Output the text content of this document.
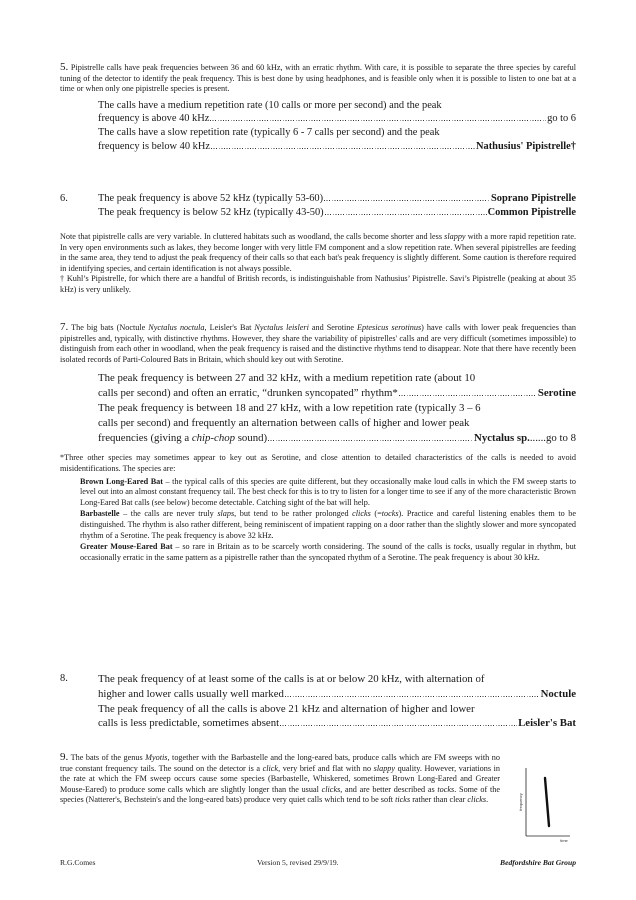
5. Pipistrelle calls have peak frequencies between 36 and 60 kHz, with an erratic rhythm. With care, it is possible to separate the three species by careful tuning of the detector to identify the peak frequency. This is best done by using headphones, and is feasible only when it is possible to listen to one bat at a time or when only one pipistrelle species is present.

The calls have a medium repetition rate (10 calls or more per second) and the peak

frequency is above 40 kHz	go to 6

The calls have a slow repetition rate (typically 6 - 7 calls per second) and the peak

frequency is below 40 kHz	Nathusius' Pipistrelle†
6.	The peak frequency is above 52 kHz (typically 53-60)	Soprano Pipistrelle
The peak frequency is below 52 kHz (typically 43-50)	Common Pipistrelle

Note that pipistrelle calls are very variable. In cluttered habitats such as woodland, the calls become shorter and less slappy with a more rapid repetition rate. In very open environments such as lakes, they become longer with very little FM component and a slow repetition rate. When several pipistrelles are feeding in the same area, they tend to adjust the peak frequency of their calls so that each bat's peak frequency is slightly different. Some caution is therefore required in identifying species, and certain identification is not always possible.

† Kuhl’s Pipistrelle, for which there are a handful of British records, is indistinguishable from Nathusius’ Pipistrelle. Savi’s Pipistrelle (peaking at about 35 kHz) is very unlikely.

7. The big bats (Noctule Nyctalus noctula, Leisler's Bat Nyctalus leisleri and Serotine Eptesicus serotinus) have calls with lower peak frequencies than pipistrelles and, typically, with distinctive rhythms. However, they share the variability of pipistrelles' calls and are very difficult (sometimes impossible) to distinguish from each other in woodland, when the peak frequency is raised and the distinctive rhythms tend to disappear. Note that there have recently been isolated records of Parti-Coloured Bats in Britain, which should key out with Serotine.

The peak frequency is between 27 and 32 kHz, with a medium repetition rate (about 10

calls per second) and often an erratic, “drunken syncopated” rhythm*	Serotine

The peak frequency is between 18 and 27 kHz, with a low repetition rate (typically 3 – 6

calls per second) and frequently an alternation between calls of higher and lower peak

frequencies (giving a chip-chop sound)	Nyctalus sp.......go to 8

*Three other species may sometimes appear to key out as Serotine, and close attention to detailed characteristics of the calls is needed to avoid misidentifications. The species are:

Brown Long-Eared Bat – the typical calls of this species are quite different, but they occasionally make loud calls in which the FM sweep starts to level out into an almost constant frequency tail. The best check for this is to try to listen for a longer time to see if any of the more characteristic Brown Long-Eared Bat calls (see below) become detectable. Catching sight of the bat will help.
Barbastelle – the calls are never truly slaps, but tend to be rather prolonged clicks (=tocks). Practice and careful listening enables them to be distinguished. The rhythm is also rather different, being reminiscent of impatient rapping on a door rather than the slightly slower and more syncopated rhythm of a Serotine. The peak frequency is above 32 kHz.
Greater Mouse-Eared Bat – so rare in Britain as to be scarcely worth considering. The sound of the calls is tocks, usually regular in rhythm, but occasionally erratic in the same pattern as a pipistrelle rather than the syncopated rhythm of a Serotine. The peak frequency is about 30 kHz.
8.	The peak frequency of at least some of the calls is at or below 20 kHz, with alternation of

higher and lower calls usually well marked	Noctule

The peak frequency of all the calls is above 21 kHz and alternation of higher and lower

calls is less predictable, sometimes absent	Leisler's Bat

9. The bats of the genus Myotis, together with the Barbastelle and the long-eared bats, produce calls which are FM sweeps with no true constant frequency tails. The sound on the detector is a click, very brief and flat with no slappy quality. However, variations in the rate at which the FM sweep occurs cause some species (Barbastelle, Whiskered, sometimes Brown Long-Eared and Greater Mouse-Eared) to produce some calls which are slightly longer than the usual clicks, and are better described as tocks. Some of the species (Natterer's, Bechstein's and the long-eared bats) produce very quiet calls which tend to be soft ticks rather than clear clicks.	frequency
time
R.G.Comes	Version 5, revised 29/9/19.	Bedfordshire Bat Group
